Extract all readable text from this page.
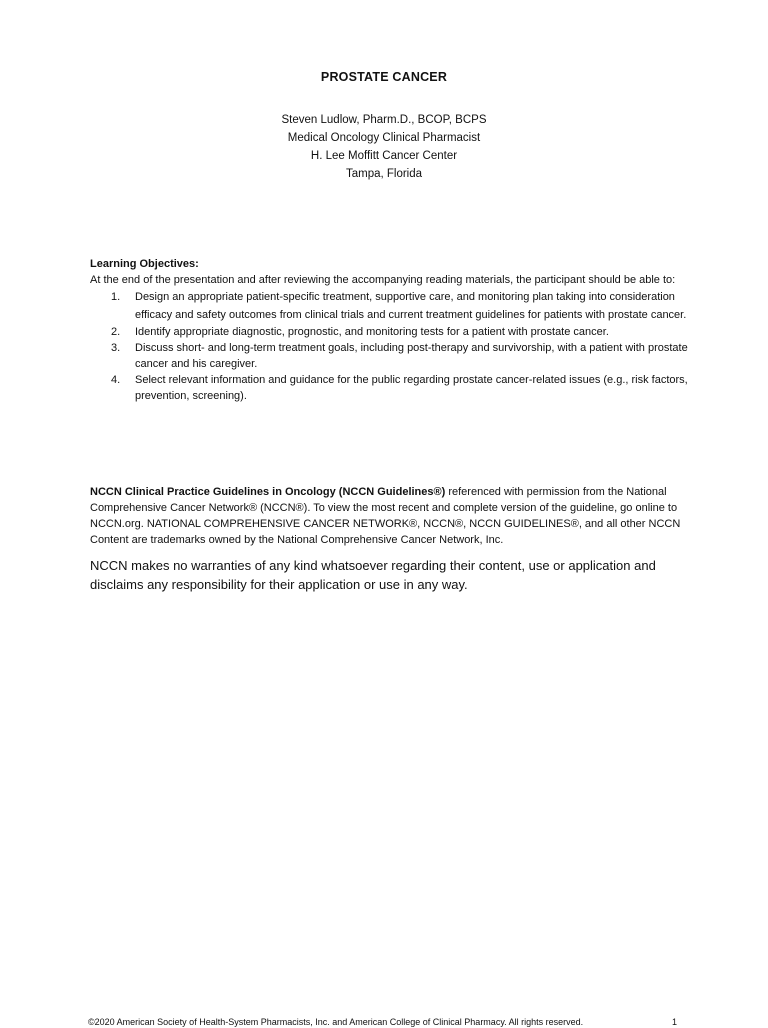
PROSTATE CANCER
Steven Ludlow, Pharm.D., BCOP, BCPS
Medical Oncology Clinical Pharmacist
H. Lee Moffitt Cancer Center
Tampa, Florida
Learning Objectives:
At the end of the presentation and after reviewing the accompanying reading materials, the participant should be able to:
1. Design an appropriate patient-specific treatment, supportive care, and monitoring plan taking into consideration efficacy and safety outcomes from clinical trials and current treatment guidelines for patients with prostate cancer.
2. Identify appropriate diagnostic, prognostic, and monitoring tests for a patient with prostate cancer.
3. Discuss short- and long-term treatment goals, including post-therapy and survivorship, with a patient with prostate cancer and his caregiver.
4. Select relevant information and guidance for the public regarding prostate cancer-related issues (e.g., risk factors, prevention, screening).
NCCN Clinical Practice Guidelines in Oncology (NCCN Guidelines®) referenced with permission from the National Comprehensive Cancer Network® (NCCN®). To view the most recent and complete version of the guideline, go online to NCCN.org. NATIONAL COMPREHENSIVE CANCER NETWORK®, NCCN®, NCCN GUIDELINES®, and all other NCCN Content are trademarks owned by the National Comprehensive Cancer Network, Inc.
NCCN makes no warranties of any kind whatsoever regarding their content, use or application and disclaims any responsibility for their application or use in any way.
©2020 American Society of Health-System Pharmacists, Inc. and American College of Clinical Pharmacy. All rights reserved.	1
